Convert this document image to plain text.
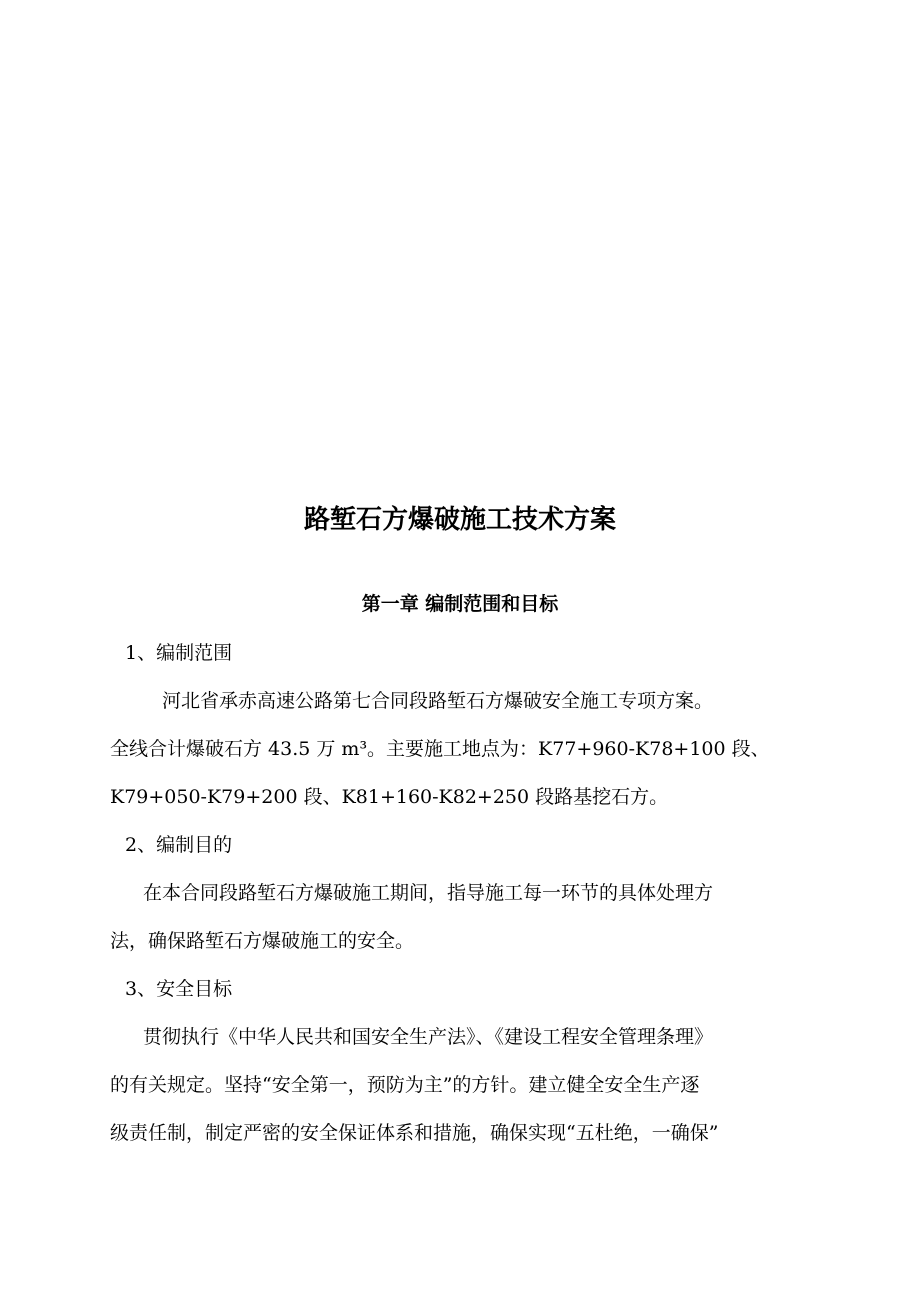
路堑石方爆破施工技术方案
第一章 编制范围和目标
1、编制范围
河北省承赤高速公路第七合同段路堑石方爆破安全施工专项方案。
全线合计爆破石方 43.5 万 m³。主要施工地点为：K77+960-K78+100 段、
K79+050-K79+200 段、K81+160-K82+250 段路基挖石方。
2、编制目的
在本合同段路堑石方爆破施工期间，指导施工每一环节的具体处理方
法，确保路堑石方爆破施工的安全。
3、安全目标
贯彻执行《中华人民共和国安全生产法》、《建设工程安全管理条理》
的有关规定。坚持“安全第一，预防为主”的方针。建立健全安全生产逐
级责任制，制定严密的安全保证体系和措施，确保实现“五杜绝，一确保”
